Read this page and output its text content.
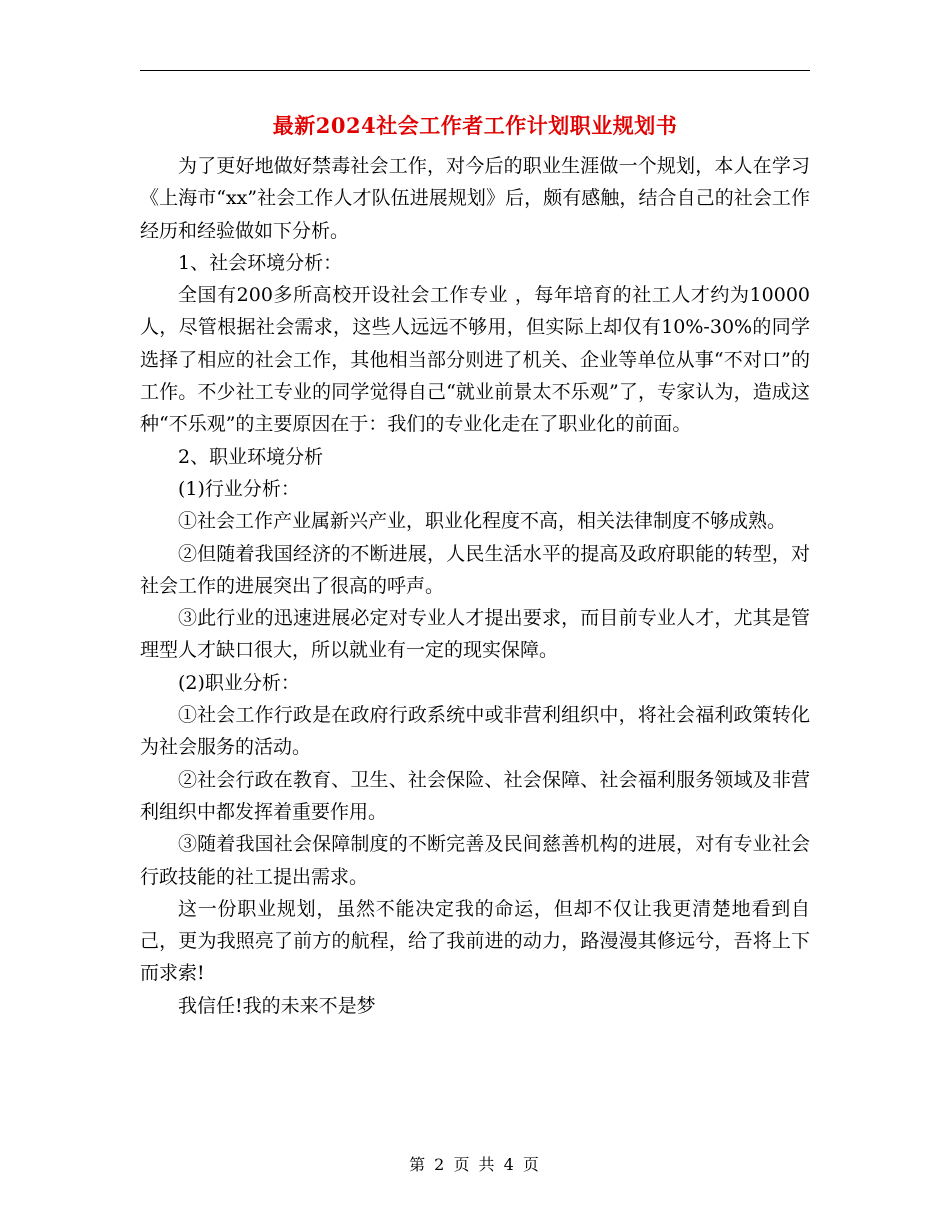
最新2024社会工作者工作计划职业规划书

为了更好地做好禁毒社会工作，对今后的职业生涯做一个规划，本人在学习《上海市“xx”社会工作人才队伍进展规划》后，颇有感触，结合自己的社会工作经历和经验做如下分析。

1、社会环境分析：

全国有200多所高校开设社会工作专业 ，每年培育的社工人才约为10000人，尽管根据社会需求，这些人远远不够用，但实际上却仅有10%-30%的同学选择了相应的社会工作，其他相当部分则进了机关、企业等单位从事“不对口”的工作。不少社工专业的同学觉得自己“就业前景太不乐观”了，专家认为，造成这种“不乐观”的主要原因在于：我们的专业化走在了职业化的前面。

2、职业环境分析

(1)行业分析：

①社会工作产业属新兴产业，职业化程度不高，相关法律制度不够成熟。

②但随着我国经济的不断进展，人民生活水平的提高及政府职能的转型，对社会工作的进展突出了很高的呼声。

③此行业的迅速进展必定对专业人才提出要求，而目前专业人才，尤其是管理型人才缺口很大，所以就业有一定的现实保障。

(2)职业分析：

①社会工作行政是在政府行政系统中或非营利组织中，将社会福利政策转化为社会服务的活动。

②社会行政在教育、卫生、社会保险、社会保障、社会福利服务领域及非营利组织中都发挥着重要作用。

③随着我国社会保障制度的不断完善及民间慈善机构的进展，对有专业社会行政技能的社工提出需求。

这一份职业规划，虽然不能决定我的命运，但却不仅让我更清楚地看到自己，更为我照亮了前方的航程，给了我前进的动力，路漫漫其修远兮，吾将上下而求索!

我信任!我的未来不是梦

第 2 页 共 4 页
